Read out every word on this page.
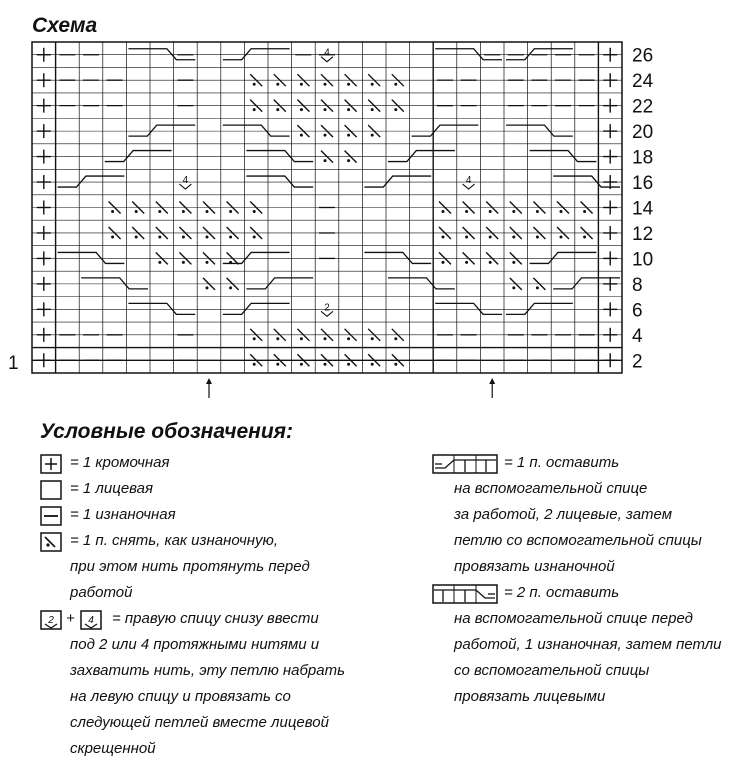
Схема
4
4	4
2
26
24
22
20
18
16
14
12
10
8
6
4
2
1
Условные обозначения:
= 1 кромочная
= 1 лицевая
= 1 изнаночная
= 1 п. снять, как изнаночную,
при этом нить протянуть перед
работой
2 + 4 = правую спицу снизу ввести
под 2 или 4 протяжными нитями и
захватить нить, эту петлю набрать
на левую спицу и провязать со
следующей петлей вместе лицевой
скрещенной
= 1 п. оставить
на вспомогательной спице
за работой, 2 лицевые, затем
петлю со вспомогательной спицы
провязать изнаночной
= 2 п. оставить
на вспомогательной спице перед
работой, 1 изнаночная, затем петли
со вспомогательной спицы
провязать лицевыми
